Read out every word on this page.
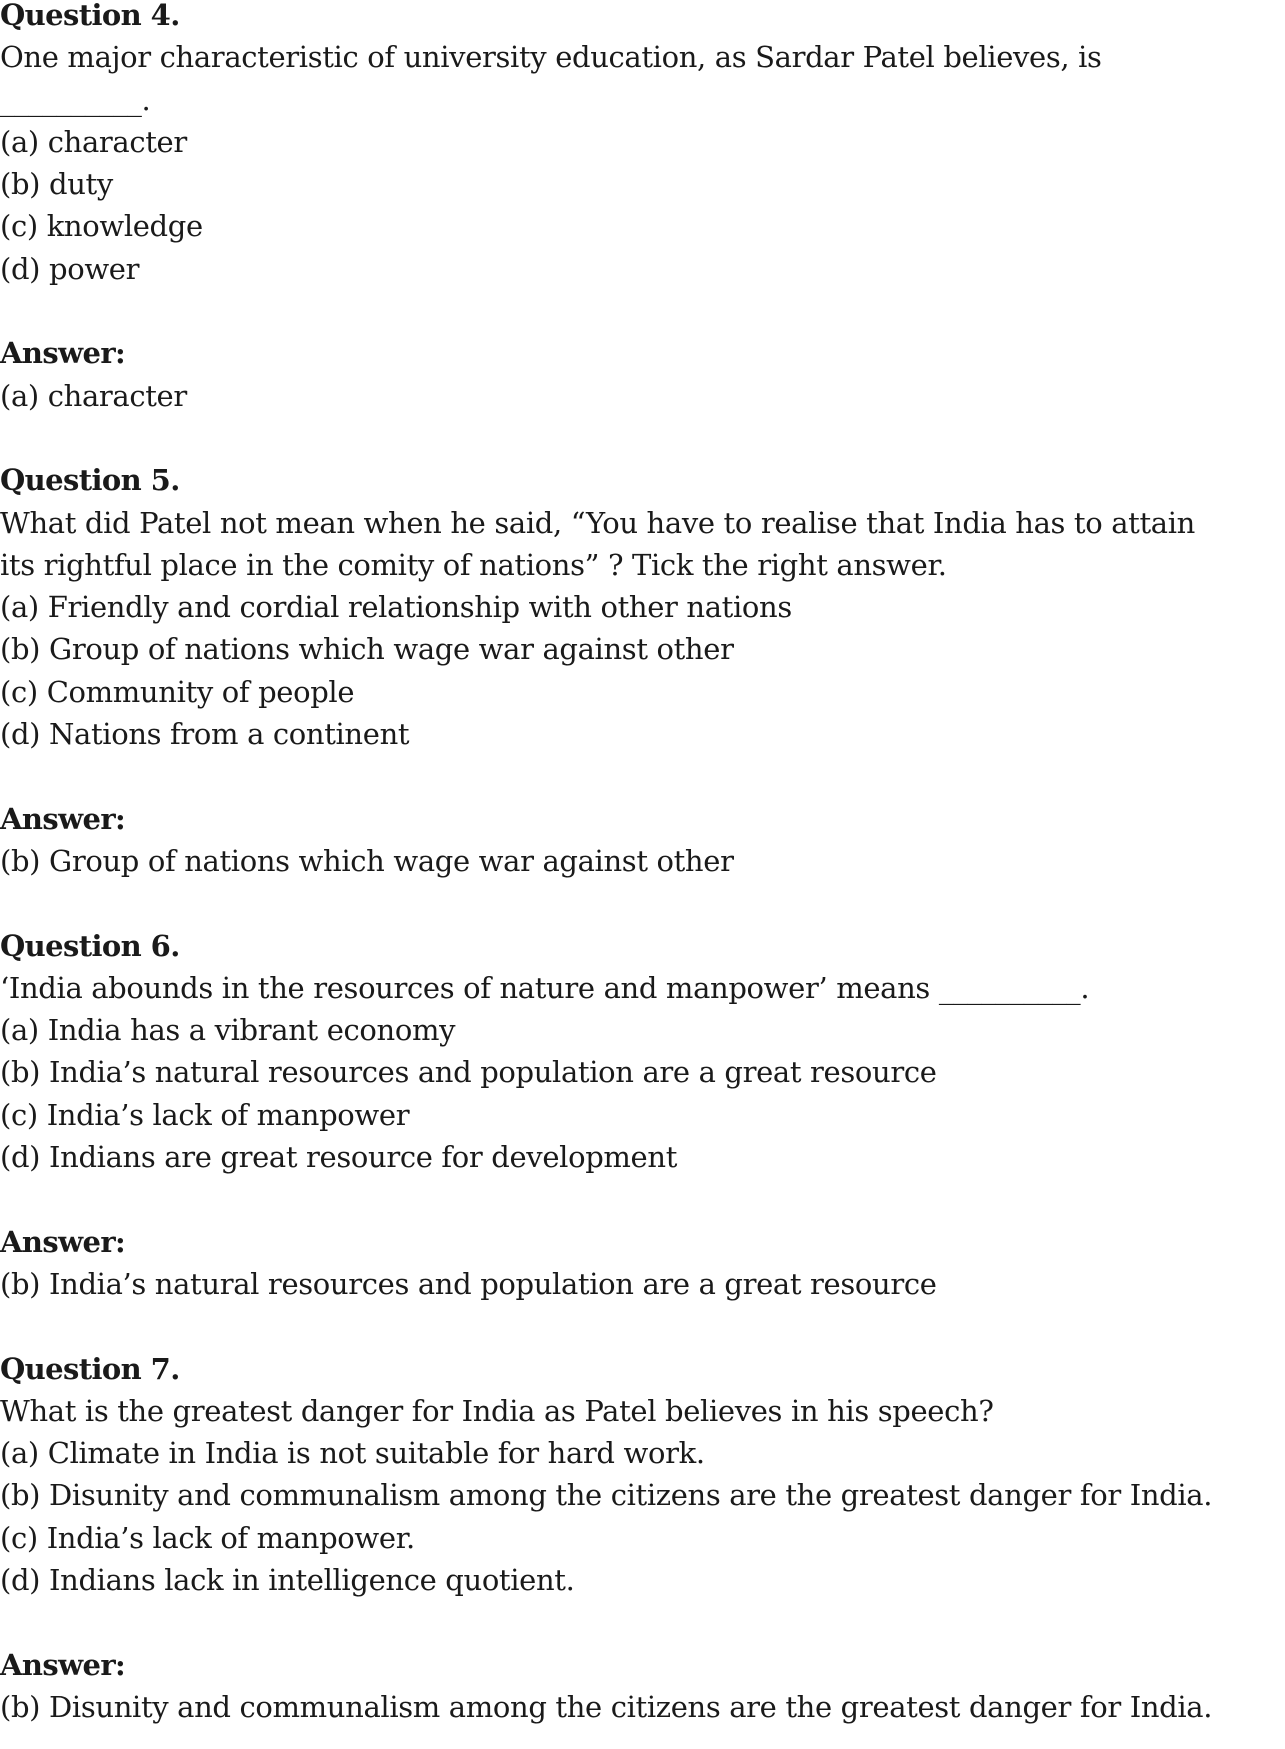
Question 4.

One major characteristic of university education, as Sardar Patel believes, is

__________.

(a) character

(b) duty

(c) knowledge

(d) power

Answer:

(a) character

Question 5.

What did Patel not mean when he said, “You have to realise that India has to attain

its rightful place in the comity of nations” ? Tick the right answer.

(a) Friendly and cordial relationship with other nations

(b) Group of nations which wage war against other

(c) Community of people

(d) Nations from a continent

Answer:

(b) Group of nations which wage war against other

Question 6.

‘India abounds in the resources of nature and manpower’ means __________.

(a) India has a vibrant economy

(b) India’s natural resources and population are a great resource

(c) India’s lack of manpower

(d) Indians are great resource for development

Answer:

(b) India’s natural resources and population are a great resource

Question 7.

What is the greatest danger for India as Patel believes in his speech?

(a) Climate in India is not suitable for hard work.

(b) Disunity and communalism among the citizens are the greatest danger for India.

(c) India’s lack of manpower.

(d) Indians lack in intelligence quotient.

Answer:

(b) Disunity and communalism among the citizens are the greatest danger for India.
